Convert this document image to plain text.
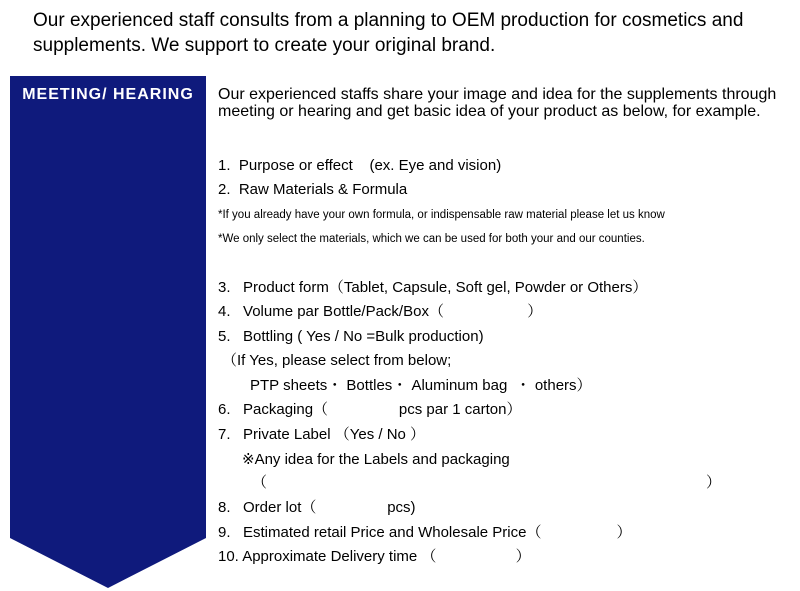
Our experienced staff consults from a planning to OEM production for cosmetics and supplements. We support to create your original brand.

MEETING/ HEARING	Our experienced staffs share your image and idea for the supplements through meeting or hearing and get basic idea of your product as below, for example.

1.  Purpose or effect    (ex. Eye and vision)
2.  Raw Materials & Formula
*If you already have your own formula, or indispensable raw material please let us know
*We only select the materials, which we can be used for both your and our counties.
3.   Product form（Tablet, Capsule, Soft gel, Powder or Others）
4.   Volume par Bottle/Pack/Box（                    ）
5.   Bottling ( Yes / No =Bulk production)
（If Yes, please select from below;
PTP sheets・ Bottles・ Aluminum bag  ・ others）
6.   Packaging（                 pcs par 1 carton）
7.   Private Label （Yes / No ）
※Any idea for the Labels and packaging
（	）
8.   Order lot（                 pcs)
9.   Estimated retail Price and Wholesale Price（                  ）
10. Approximate Delivery time （                   ）
